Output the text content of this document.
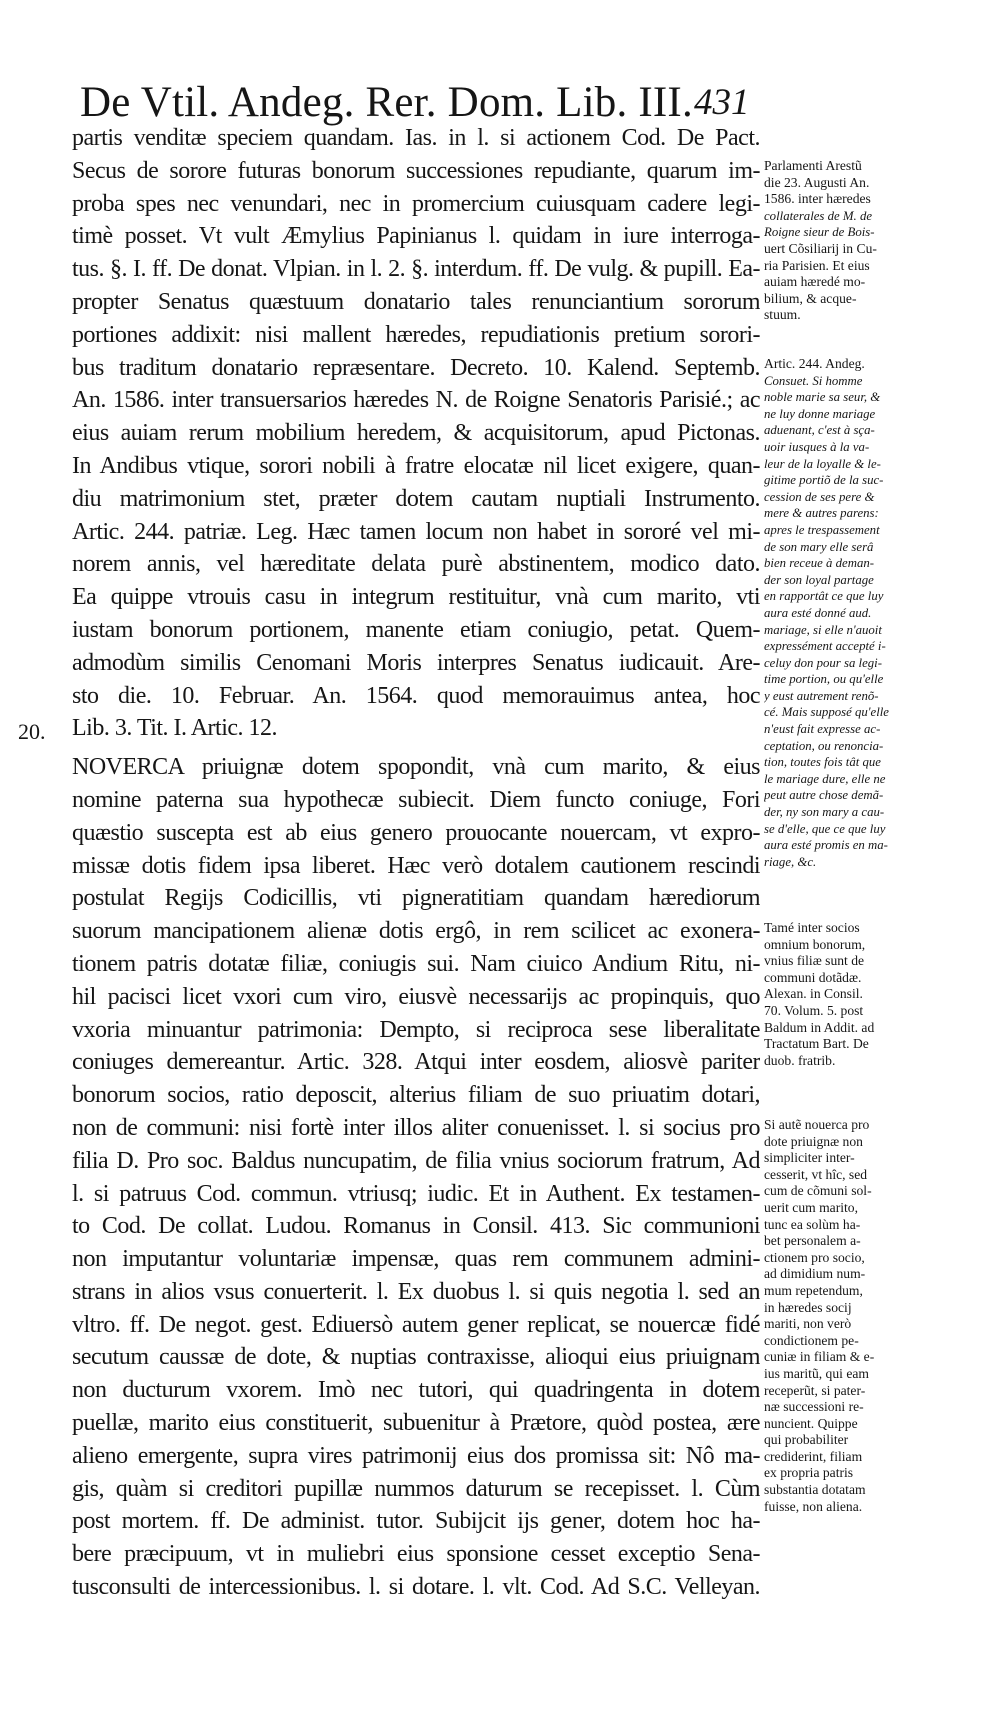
De Vtil. Andeg. Rer. Dom. Lib. III. 431
20.
partis venditæ speciem quandam. Ias. in l. si actionem Cod. De Pact.
Secus de sorore futuras bonorum successiones repudiante, quarum im-
proba spes nec venundari, nec in promercium cuiusquam cadere legi-
timè posset. Vt vult Æmylius Papinianus l. quidam in iure interroga-
tus. §. I. ff. De donat. Vlpian. in l. 2. §. interdum. ff. De vulg. & pupill. Ea-
propter Senatus quæstuum donatario tales renunciantium sororum
portiones addixit: nisi mallent hæredes, repudiationis pretium sorori-
bus traditum donatario repræsentare. Decreto. 10. Kalend. Septemb.
An. 1586. inter transuersarios hæredes N. de Roigne Senatoris Parisié.; ac
eius auiam rerum mobilium heredem, & acquisitorum, apud Pictonas.
In Andibus vtique, sorori nobili à fratre elocatæ nil licet exigere, quan-
diu matrimonium stet, præter dotem cautam nuptiali Instrumento.
Artic. 244. patriæ. Leg. Hæc tamen locum non habet in sororé vel mi-
norem annis, vel hæreditate delata purè abstinentem, modico dato.
Ea quippe vtrouis casu in integrum restituitur, vnà cum marito, vti
iustam bonorum portionem, manente etiam coniugio, petat. Quem-
admodùm similis Cenomani Moris interpres Senatus iudicauit. Are-
sto die. 10. Februar. An. 1564. quod memorauimus antea, hoc
Lib. 3. Tit. I. Artic. 12.
NOVERCA priuignæ dotem spopondit, vnà cum marito, & eius
nomine paterna sua hypothecæ subiecit. Diem functo coniuge, Fori
quæstio suscepta est ab eius genero prouocante nouercam, vt expro-
missæ dotis fidem ipsa liberet. Hæc verò dotalem cautionem rescindi
postulat Regijs Codicillis, vti pigneratitiam quandam hærediorum
suorum mancipationem alienæ dotis ergô, in rem scilicet ac exonera-
tionem patris dotatæ filiæ, coniugis sui. Nam ciuico Andium Ritu, ni-
hil pacisci licet vxori cum viro, eiusvè necessarijs ac propinquis, quo
vxoria minuantur patrimonia: Dempto, si reciproca sese liberalitate
coniuges demereantur. Artic. 328. Atqui inter eosdem, aliosvè pariter
bonorum socios, ratio deposcit, alterius filiam de suo priuatim dotari,
non de communi: nisi fortè inter illos aliter conuenisset. l. si socius pro
filia D. Pro soc. Baldus nuncupatim, de filia vnius sociorum fratrum, Ad
l. si patruus Cod. commun. vtriusq; iudic. Et in Authent. Ex testamen-
to Cod. De collat. Ludou. Romanus in Consil. 413. Sic communioni
non imputantur voluntariæ impensæ, quas rem communem admini-
strans in alios vsus conuerterit. l. Ex duobus l. si quis negotia l. sed an
vltro. ff. De negot. gest. Ediuersò autem gener replicat, se nouercæ fidé
secutum caussæ de dote, & nuptias contraxisse, alioqui eius priuignam
non ducturum vxorem. Imò nec tutori, qui quadringenta in dotem
puellæ, marito eius constituerit, subuenitur à Prætore, quòd postea, ære
alieno emergente, supra vires patrimonij eius dos promissa sit: Nô ma-
gis, quàm si creditori pupillæ nummos daturum se recepisset. l. Cùm
post mortem. ff. De administ. tutor. Subijcit ijs gener, dotem hoc ha-
bere præcipuum, vt in muliebri eius sponsione cesset exceptio Sena-
tusconsulti de intercessionibus. l. si dotare. l. vlt. Cod. Ad S.C. Velleyan.
Parlamenti Arestũ
die 23. Augusti An.
1586. inter hæredes
collaterales de M. de
Roigne sieur de Bois-
uert Cõsiliarij in Cu-
ria Parisien. Et eius
auiam hæredé mo-
bilium, & acque-
stuum.
Artic. 244. Andeg.
Consuet. Si homme
noble marie sa seur, &
ne luy donne mariage
aduenant, c'est à sça-
uoir iusques à la va-
leur de la loyalle & le-
gitime portiõ de la suc-
cession de ses pere &
mere & autres parens:
apres le trespassement
de son mary elle serâ
bien receue à deman-
der son loyal partage
en rapportât ce que luy
aura esté donné aud.
mariage, si elle n'auoit
expressément accepté i-
celuy don pour sa legi-
time portion, ou qu'elle
y eust autrement renõ-
cé. Mais supposé qu'elle
n'eust fait expresse ac-
ceptation, ou renoncia-
tion, toutes fois tât que
le mariage dure, elle ne
peut autre chose demã-
der, ny son mary a cau-
se d'elle, que ce que luy
aura esté promis en ma-
riage, &c.
Tamé inter socios
omnium bonorum,
vnius filiæ sunt de
communi dotãdæ.
Alexan. in Consil.
70. Volum. 5. post
Baldum in Addit. ad
Tractatum Bart. De
duob. fratrib.
Si autẽ nouerca pro
dote priuignæ non
simpliciter inter-
cesserit, vt hîc, sed
cum de cõmuni sol-
uerit cum marito,
tunc ea solùm ha-
bet personalem a-
ctionem pro socio,
ad dimidium num-
mum repetendum,
in hæredes socij
mariti, non verò
condictionem pe-
cuniæ in filiam & e-
ius maritũ, qui eam
receperũt, si pater-
næ successioni re-
nuncient. Quippe
qui probabiliter
crediderint, filiam
ex propria patris
substantia dotatam
fuisse, non aliena.
